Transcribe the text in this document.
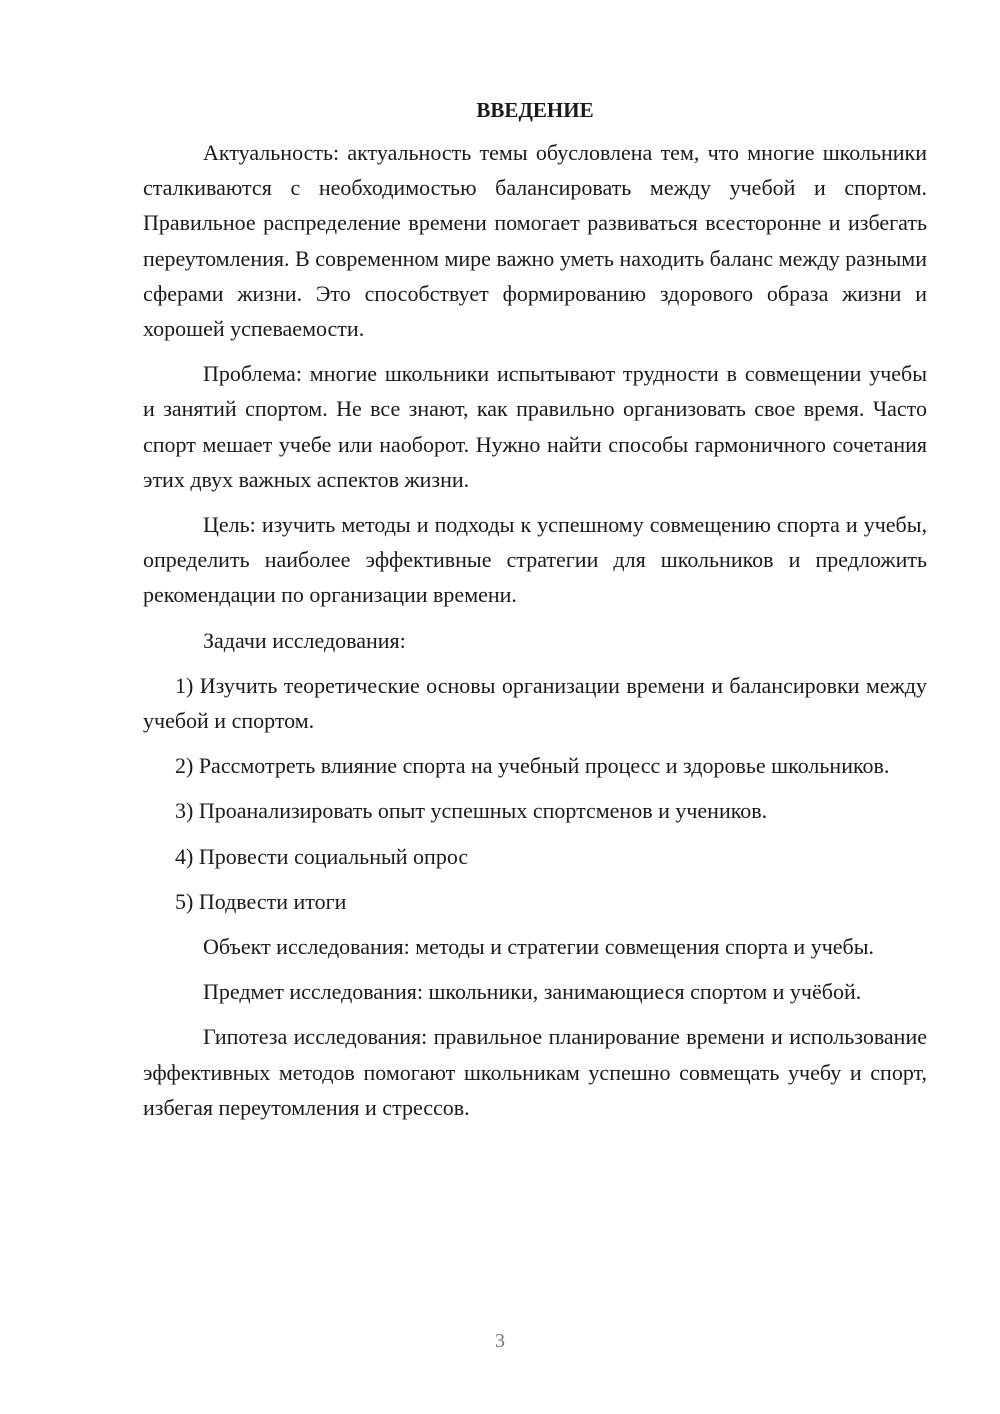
ВВЕДЕНИЕ

Актуальность: актуальность темы обусловлена тем, что многие школьники сталкиваются с необходимостью балансировать между учебой и спортом. Правильное распределение времени помогает развиваться всесторонне и избегать переутомления. В современном мире важно уметь находить баланс между разными сферами жизни. Это способствует формированию здорового образа жизни и хорошей успеваемости.

Проблема: многие школьники испытывают трудности в совмещении учебы и занятий спортом. Не все знают, как правильно организовать свое время. Часто спорт мешает учебе или наоборот. Нужно найти способы гармоничного сочетания этих двух важных аспектов жизни.

Цель: изучить методы и подходы к успешному совмещению спорта и учебы, определить наиболее эффективные стратегии для школьников и предложить рекомендации по организации времени.

Задачи исследования:

1) Изучить теоретические основы организации времени и балансировки между учебой и спортом.

2) Рассмотреть влияние спорта на учебный процесс и здоровье школьников.

3) Проанализировать опыт успешных спортсменов и учеников.

4) Провести социальный опрос

5) Подвести итоги

Объект исследования: методы и стратегии совмещения спорта и учебы.

Предмет исследования: школьники, занимающиеся спортом и учёбой.

Гипотеза исследования: правильное планирование времени и использование эффективных методов помогают школьникам успешно совмещать учебу и спорт, избегая переутомления и стрессов.

3
